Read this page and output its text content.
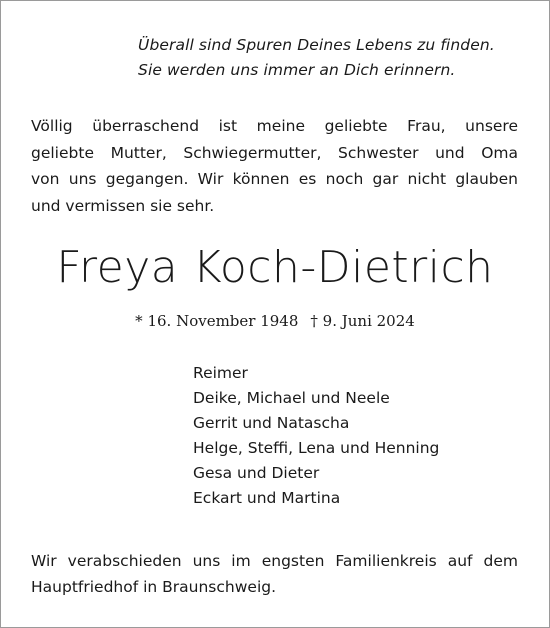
Überall sind Spuren Deines Lebens zu finden.
Sie werden uns immer an Dich erinnern.
Völlig überraschend ist meine geliebte Frau, unsere
geliebte Mutter, Schwiegermutter, Schwester und Oma
von uns gegangen. Wir können es noch gar nicht glauben
und vermissen sie sehr.
Freya Koch-Dietrich
* 16. November 1948 † 9. Juni 2024
Reimer
Deike, Michael und Neele
Gerrit und Natascha
Helge, Steffi, Lena und Henning
Gesa und Dieter
Eckart und Martina
Wir verabschieden uns im engsten Familienkreis auf dem
Hauptfriedhof in Braunschweig.
